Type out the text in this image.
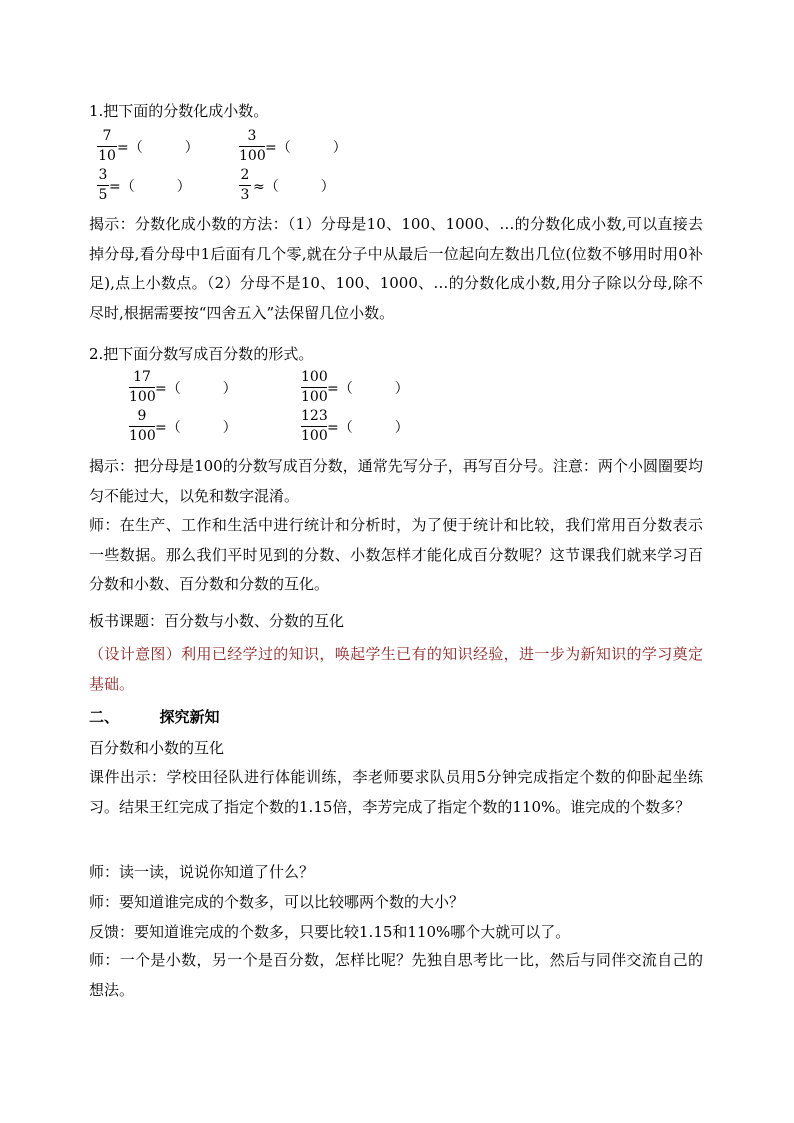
1.把下面的分数化成小数。
7
10 =（　　　）
3
100 =（　　　）
3
5 =（　　　）
2
3 ≈（　　　）
揭示：分数化成小数的方法：（1）分母是10、100、1000、…的分数化成小数,可以直接去掉分母,看分母中1后面有几个零,就在分子中从最后一位起向左数出几位(位数不够用时用0补足),点上小数点。（2）分母不是10、100、1000、…的分数化成小数,用分子除以分母,除不尽时,根据需要按“四舍五入”法保留几位小数。
2.把下面分数写成百分数的形式。
17
100 =（　　　）
100
100 =（　　　）
9
100 =（　　　）
123
100 =（　　　）
揭示：把分母是100的分数写成百分数，通常先写分子，再写百分号。注意：两个小圆圈要均匀不能过大，以免和数字混淆。
师：在生产、工作和生活中进行统计和分析时，为了便于统计和比较，我们常用百分数表示一些数据。那么我们平时见到的分数、小数怎样才能化成百分数呢？这节课我们就来学习百分数和小数、百分数和分数的互化。
板书课题：百分数与小数、分数的互化
（设计意图）利用已经学过的知识，唤起学生已有的知识经验，进一步为新知识的学习奠定基础。
二、	探究新知
百分数和小数的互化
课件出示：学校田径队进行体能训练，李老师要求队员用5分钟完成指定个数的仰卧起坐练习。结果王红完成了指定个数的1.15倍，李芳完成了指定个数的110%。谁完成的个数多？
师：读一读，说说你知道了什么？
师：要知道谁完成的个数多，可以比较哪两个数的大小？
反馈：要知道谁完成的个数多，只要比较1.15和110%哪个大就可以了。
师：一个是小数，另一个是百分数，怎样比呢？先独自思考比一比，然后与同伴交流自己的想法。
